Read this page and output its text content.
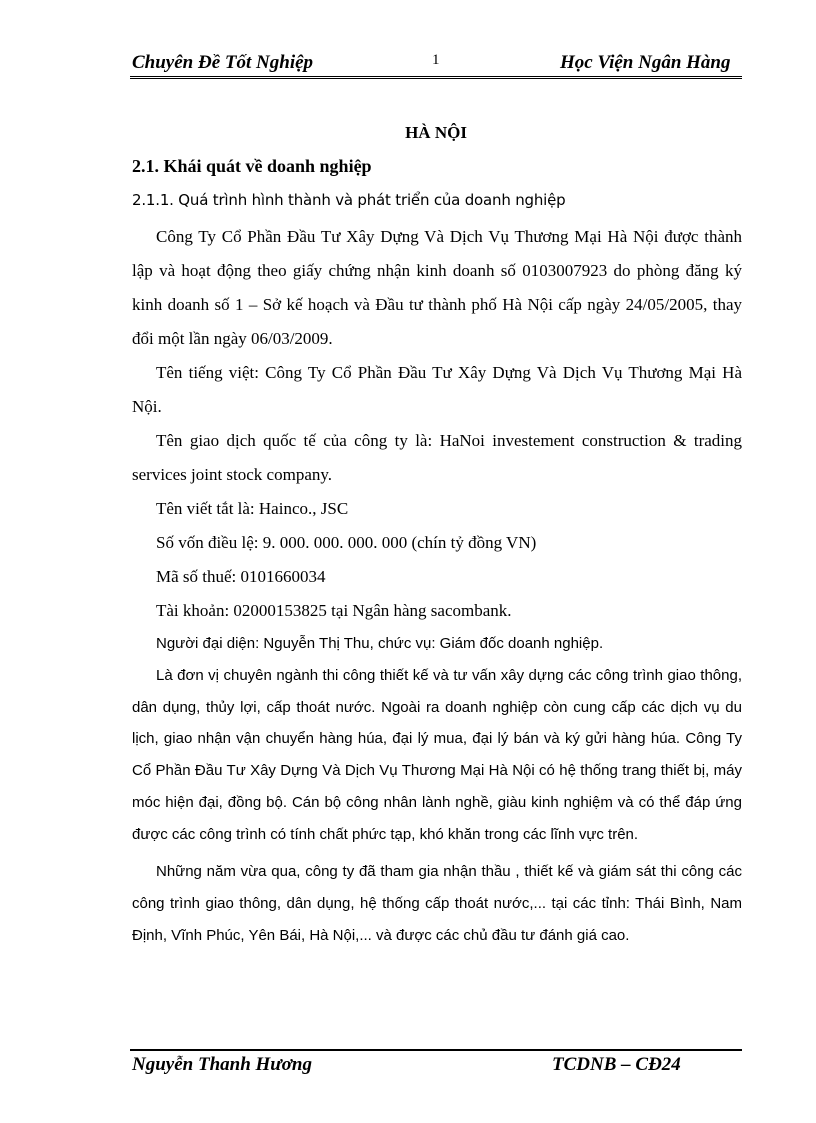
Chuyên Đề Tốt Nghiệp	1	Học Viện Ngân Hàng
HÀ NỘI
2.1. Khái quát về doanh nghiệp
2.1.1. Quá trình hình thành và phát triển của doanh nghiệp

Công Ty Cổ Phần Đầu Tư Xây Dựng Và Dịch Vụ Thương Mại Hà Nội được thành lập và hoạt động theo giấy chứng nhận kinh doanh số 0103007923 do phòng đăng ký kinh doanh số 1 – Sở kế hoạch và Đầu tư thành phố Hà Nội cấp ngày 24/05/2005, thay đổi một lần ngày 06/03/2009.

Tên tiếng việt: Công Ty Cổ Phần Đầu Tư Xây Dựng Và Dịch Vụ Thương Mại Hà Nội.

Tên giao dịch quốc tế của công ty là: HaNoi investement construction & trading services joint stock company.

Tên viết tắt là: Hainco., JSC

Số vốn điều lệ: 9. 000. 000. 000. 000 (chín tỷ đồng VN)

Mã số thuế: 0101660034

Tài khoản: 02000153825 tại Ngân hàng sacombank.

Người đại diện: Nguyễn Thị Thu, chức vụ: Giám đốc doanh nghiệp.

Là đơn vị chuyên ngành thi công thiết kế và tư vấn xây dựng các công trình giao thông, dân dụng, thủy lợi, cấp thoát nước. Ngoài ra doanh nghiệp còn cung cấp các dịch vụ du lịch, giao nhận vận chuyển hàng húa, đại lý mua, đại lý bán và ký gửi hàng húa. Công Ty Cổ Phần Đầu Tư Xây Dựng Và Dịch Vụ Thương Mại Hà Nội có hệ thống trang thiết bị, máy móc hiện đại, đồng bộ. Cán bộ công nhân lành nghề, giàu kinh nghiệm và có thể đáp ứng được các công trình có tính chất phức tạp, khó khăn trong các lĩnh vực trên.

Những năm vừa qua, công ty đã tham gia nhận thầu , thiết kế và giám sát thi công các công trình giao thông, dân dụng, hệ thống cấp thoát nước,... tại các tỉnh: Thái Bình, Nam Định, Vĩnh Phúc, Yên Bái, Hà Nội,... và được các chủ đầu tư đánh giá cao.

Nguyễn Thanh Hương	TCDNB – CĐ24
